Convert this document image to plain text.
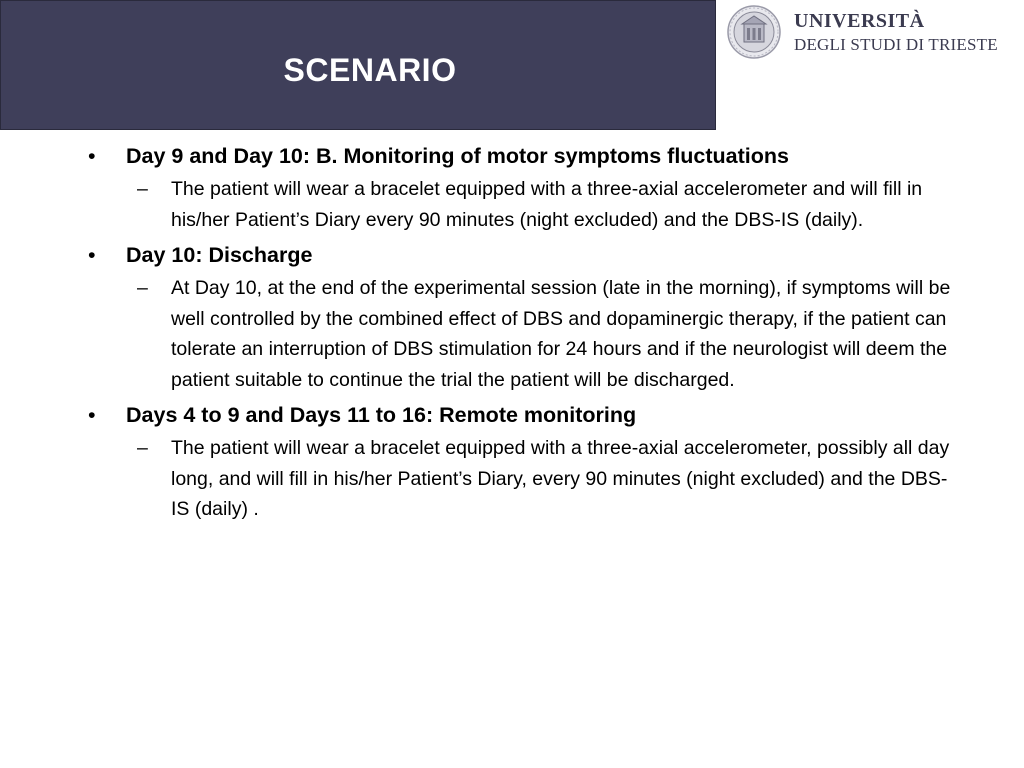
SCENARIO
UNIVERSITÀ
DEGLI STUDI DI TRIESTE
• Day 9 and Day 10: B. Monitoring of motor symptoms fluctuations
– The patient will wear a bracelet equipped with a three-axial accelerometer and will fill in his/her Patient’s Diary every 90 minutes (night excluded) and the DBS-IS (daily).
• Day 10: Discharge
– At Day 10, at the end of the experimental session (late in the morning), if symptoms will be well controlled by the combined effect of DBS and dopaminergic therapy, if the patient can tolerate an interruption of DBS stimulation for 24 hours and if the neurologist will deem the patient suitable to continue the trial the patient will be discharged.
• Days 4 to 9 and Days 11 to 16: Remote monitoring
– The patient will wear a bracelet equipped with a three-axial accelerometer, possibly all day long, and will fill in his/her Patient’s Diary, every 90 minutes (night excluded) and the DBS-IS (daily) .
